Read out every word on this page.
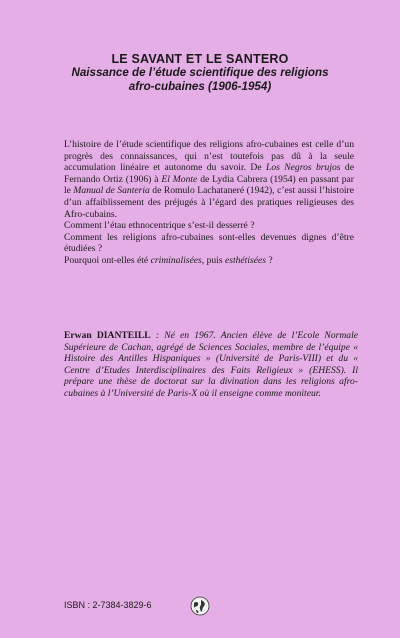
LE SAVANT ET LE SANTERO
Naissance de l’étude scientifique des religions
afro-cubaines (1906-1954)

L’histoire de l’étude scientifique des religions afro-cubaines est celle d’un progrès des connaissances, qui n’est toutefois pas dû à la seule accumulation linéaire et autonome du savoir. De Los Negros brujos de Fernando Ortiz (1906) à El Monte de Lydia Cabrera (1954) en passant par le Manual de Santeria de Romulo Lachataneré (1942), c’est aussi l’histoire d’un affaiblissement des préjugés à l’égard des pratiques religieuses des Afro-cubains.

Comment l’étau ethnocentrique s’est-il desserré ?

Comment les religions afro-cubaines sont-elles devenues dignes d’être étudiées ?

Pourquoi ont-elles été criminalisées, puis esthétisées ?

Erwan DIANTEILL : Né en 1967. Ancien élève de l’Ecole Normale Supérieure de Cachan, agrégé de Sciences Sociales, membre de l’équipe « Histoire des Antilles Hispaniques » (Université de Paris-VIII) et du « Centre d’Etudes Interdisciplinaires des Faits Religieux » (EHESS). Il prépare une thèse de doctorat sur la divination dans les religions afro-cubaines à l’Université de Paris-X où il enseigne comme moniteur.
ISBN : 2-7384-3829-6
